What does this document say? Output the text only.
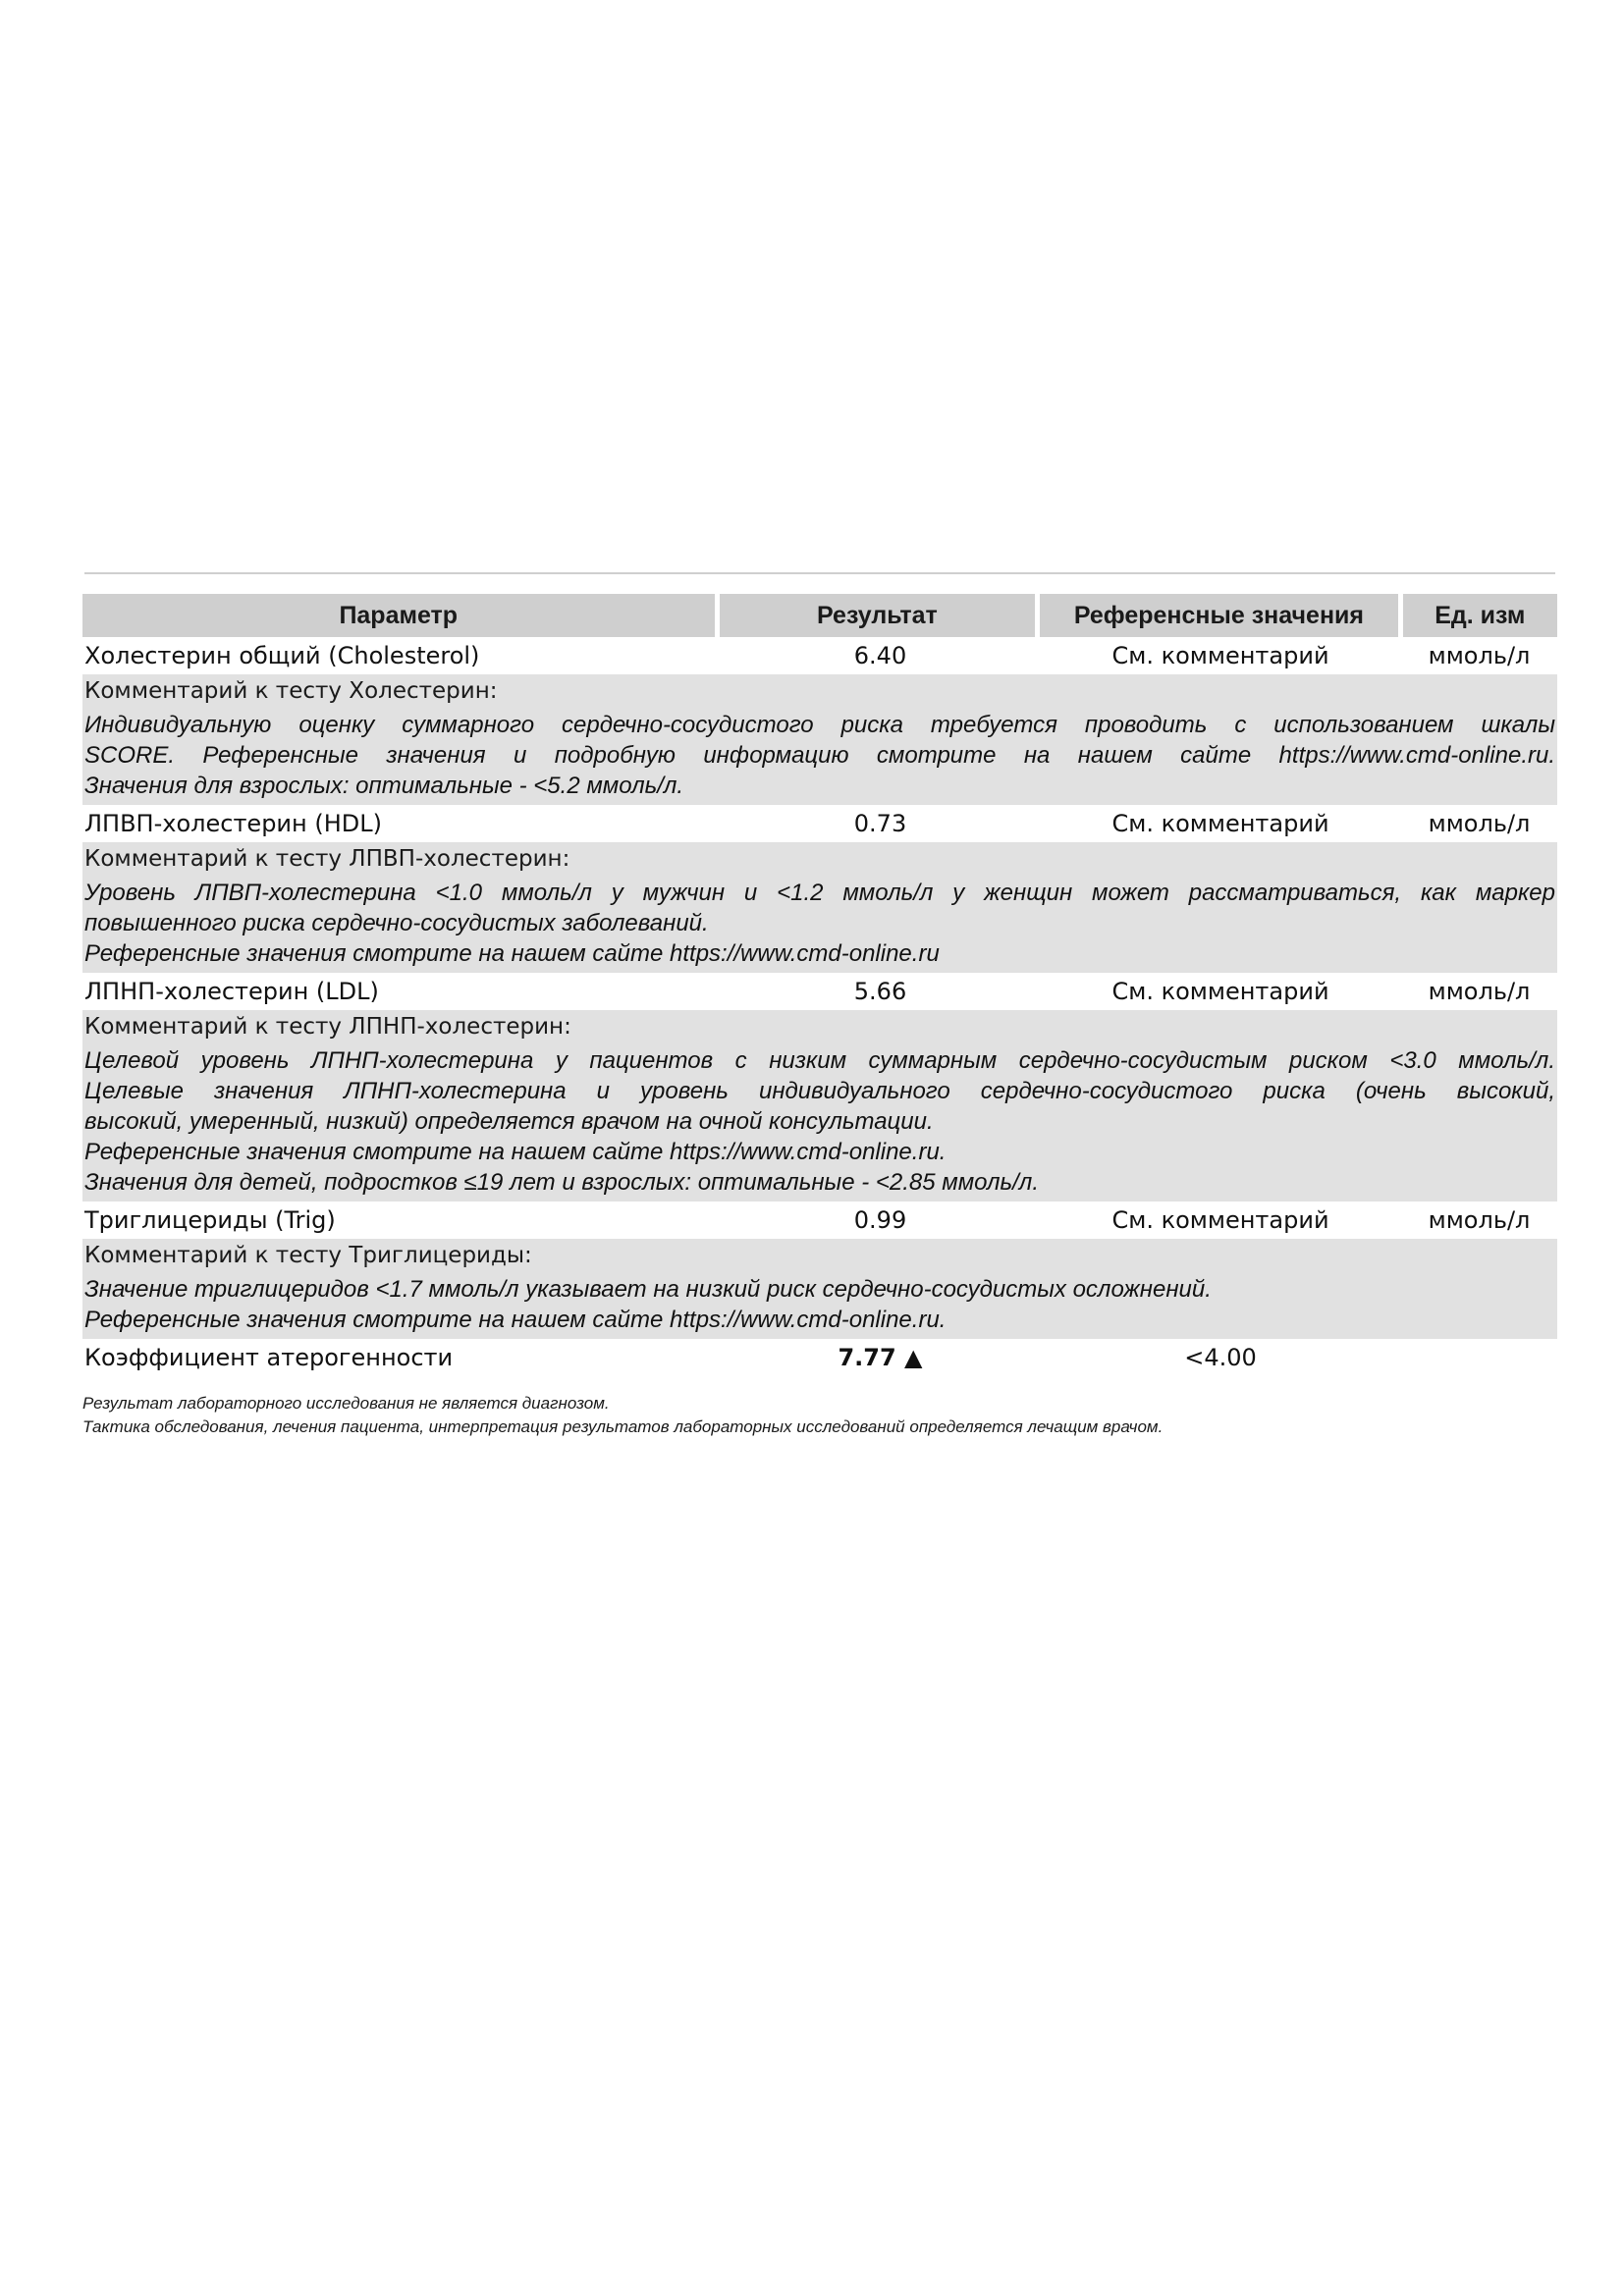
Параметр	Результат	Референсные значения	Ед. изм
Холестерин общий (Cholesterol)	6.40	См. комментарий	ммоль/л
Комментарий к тесту Холестерин:
Индивидуальную оценку суммарного сердечно-сосудистого риска требуется проводить с использованием шкалы
SCORE. Референсные значения и подробную информацию смотрите на нашем сайте https://www.cmd-online.ru.
Значения для взрослых: оптимальные - <5.2 ммоль/л.
ЛПВП-холестерин (HDL)	0.73	См. комментарий	ммоль/л
Комментарий к тесту ЛПВП-холестерин:
Уровень ЛПВП-холестерина <1.0 ммоль/л у мужчин и <1.2 ммоль/л у женщин может рассматриваться, как маркер
повышенного риска сердечно-сосудистых заболеваний.
Референсные значения смотрите на нашем сайте https://www.cmd-online.ru
ЛПНП-холестерин (LDL)	5.66	См. комментарий	ммоль/л
Комментарий к тесту ЛПНП-холестерин:
Целевой уровень ЛПНП-холестерина у пациентов с низким суммарным сердечно-сосудистым риском <3.0 ммоль/л.
Целевые значения ЛПНП-холестерина и уровень индивидуального сердечно-сосудистого риска (очень высокий,
высокий, умеренный, низкий) определяется врачом на очной консультации.
Референсные значения смотрите на нашем сайте https://www.cmd-online.ru.
Значения для детей, подростков ≤19 лет и взрослых: оптимальные - <2.85 ммоль/л.
Триглицериды (Trig)	0.99	См. комментарий	ммоль/л
Комментарий к тесту Триглицериды:
Значение триглицеридов <1.7 ммоль/л указывает на низкий риск сердечно-сосудистых осложнений.
Референсные значения смотрите на нашем сайте https://www.cmd-online.ru.
Коэффициент атерогенности	7.77 ▲	<4.00
Результат лабораторного исследования не является диагнозом.
Тактика обследования, лечения пациента, интерпретация результатов лабораторных исследований определяется лечащим врачом.
